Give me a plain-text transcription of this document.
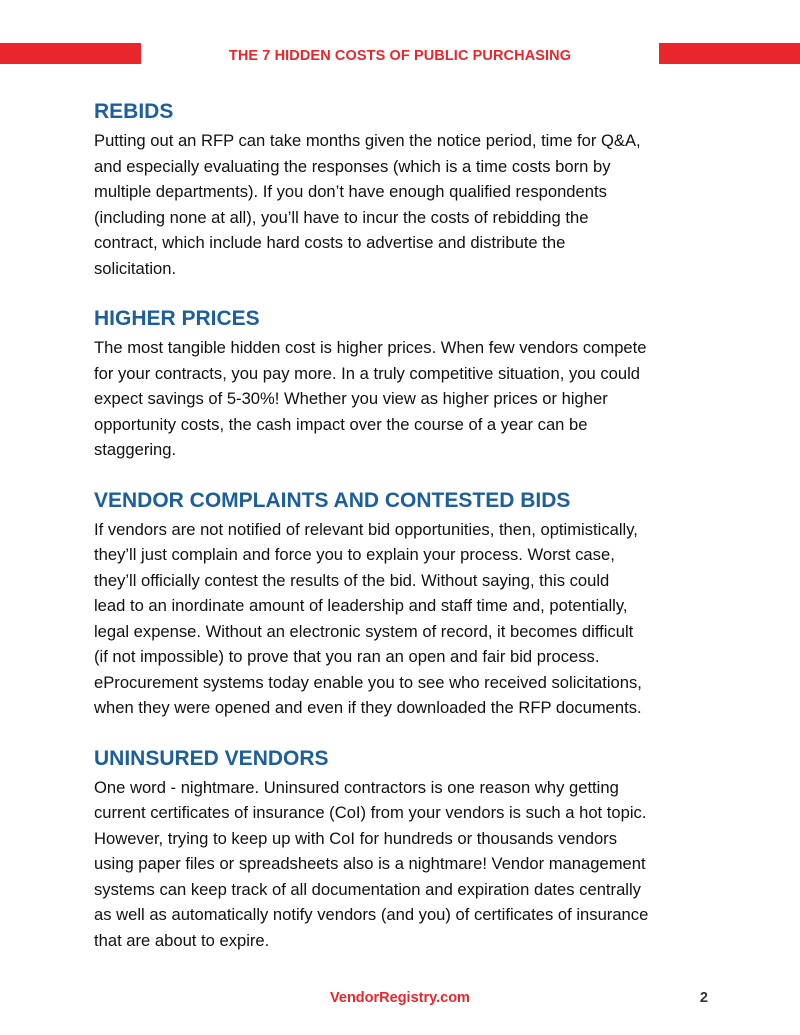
THE 7 HIDDEN COSTS OF PUBLIC PURCHASING
REBIDS

Putting out an RFP can take months given the notice period, time for Q&A,
and especially evaluating the responses (which is a time costs born by
multiple departments). If you don’t have enough qualified respondents
(including none at all), you’ll have to incur the costs of rebidding the
contract, which include hard costs to advertise and distribute the
solicitation.

HIGHER PRICES

The most tangible hidden cost is higher prices. When few vendors compete
for your contracts, you pay more. In a truly competitive situation, you could
expect savings of 5-30%! Whether you view as higher prices or higher
opportunity costs, the cash impact over the course of a year can be
staggering.

VENDOR COMPLAINTS AND CONTESTED BIDS

If vendors are not notified of relevant bid opportunities, then, optimistically,
they’ll just complain and force you to explain your process. Worst case,
they’ll officially contest the results of the bid. Without saying, this could
lead to an inordinate amount of leadership and staff time and, potentially,
legal expense. Without an electronic system of record, it becomes difficult
(if not impossible) to prove that you ran an open and fair bid process.
eProcurement systems today enable you to see who received solicitations,
when they were opened and even if they downloaded the RFP documents.

UNINSURED VENDORS

One word - nightmare. Uninsured contractors is one reason why getting
current certificates of insurance (CoI) from your vendors is such a hot topic.
However, trying to keep up with CoI for hundreds or thousands vendors
using paper files or spreadsheets also is a nightmare! Vendor management
systems can keep track of all documentation and expiration dates centrally
as well as automatically notify vendors (and you) of certificates of insurance
that are about to expire.

VendorRegistry.com	2
